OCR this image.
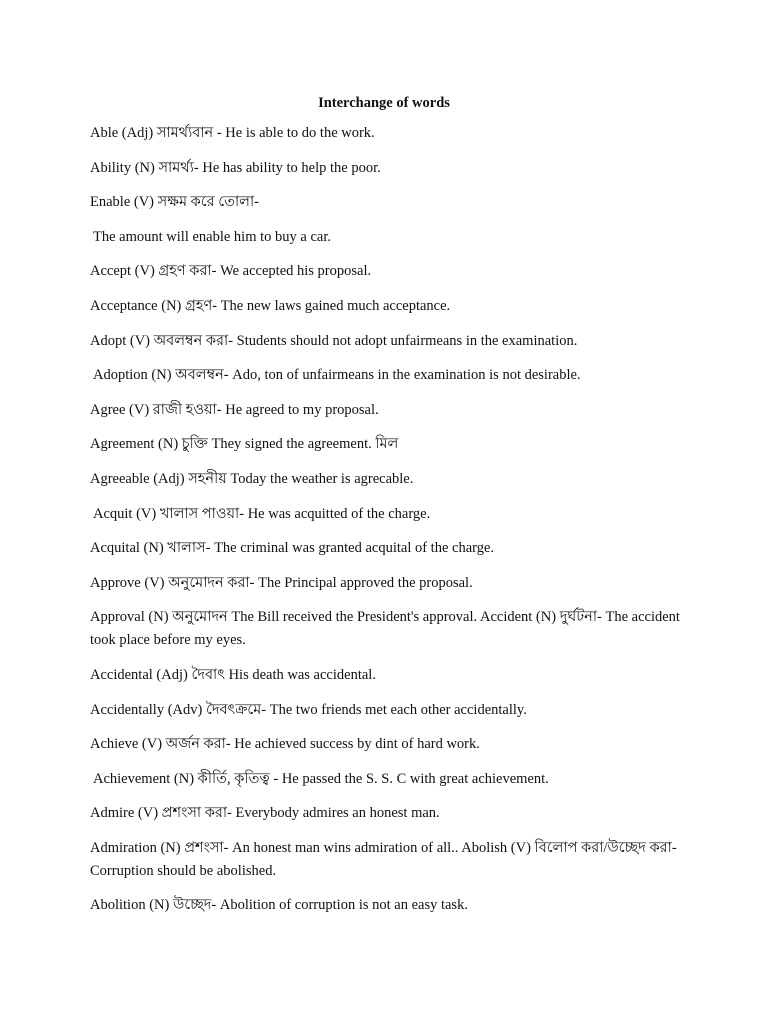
Interchange of words

Able (Adj) সামর্থ্যবান - He is able to do the work.

Ability (N) সামর্থ্য- He has ability to help the poor.

Enable (V) সক্ষম করে তোলা-

The amount will enable him to buy a car.

Accept (V) গ্রহণ করা- We accepted his proposal.

Acceptance (N) গ্রহণ- The new laws gained much acceptance.

Adopt (V) অবলম্বন করা- Students should not adopt unfairmeans in the examination.

Adoption (N) অবলম্বন- Ado, ton of unfairmeans in the examination is not desirable.

Agree (V) রাজী হওয়া- He agreed to my proposal.

Agreement (N) চুক্তি They signed the agreement. মিল

Agreeable (Adj) সহনীয় Today the weather is agrecable.

Acquit (V) খালাস পাওয়া- He was acquitted of the charge.

Acquital (N) খালাস- The criminal was granted acquital of the charge.

Approve (V) অনুমোদন করা- The Principal approved the proposal.

Approval (N) অনুমোদন The Bill received the President's approval. Accident (N) দুর্ঘটনা- The accident took place before my eyes.

Accidental (Adj) দৈবাৎ His death was accidental.

Accidentally (Adv) দৈবৎক্রমে- The two friends met each other accidentally.

Achieve (V) অর্জন করা- He achieved success by dint of hard work.

Achievement (N) কীর্তি, কৃতিত্ব - He passed the S. S. C with great achievement.

Admire (V) প্রশংসা করা- Everybody admires an honest man.

Admiration (N) প্রশংসা- An honest man wins admiration of all.. Abolish (V) বিলোপ করা/উচ্ছেদ করা- Corruption should be abolished.

Abolition (N) উচ্ছেদ- Abolition of corruption is not an easy task.
